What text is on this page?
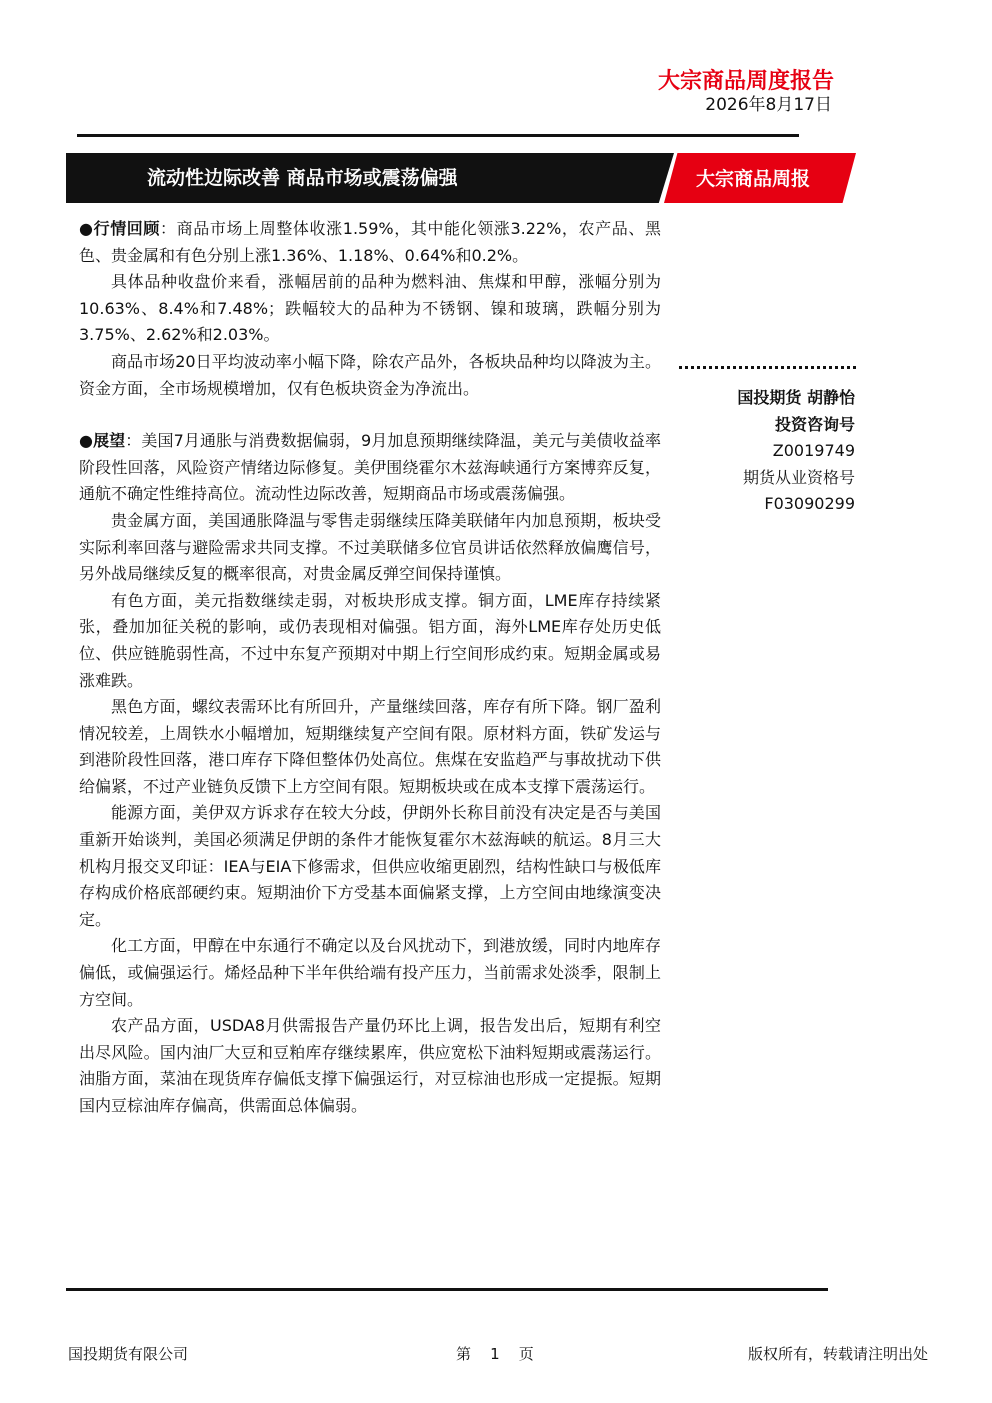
大宗商品周度报告
2026年8月17日
流动性边际改善 商品市场或震荡偏强	大宗商品周报

●行情回顾：商品市场上周整体收涨1.59%，其中能化领涨3.22%，农产品、黑色、贵金属和有色分别上涨1.36%、1.18%、0.64%和0.2%。

具体品种收盘价来看，涨幅居前的品种为燃料油、焦煤和甲醇，涨幅分别为10.63%、8.4%和7.48%；跌幅较大的品种为不锈钢、镍和玻璃，跌幅分别为3.75%、2.62%和2.03%。

商品市场20日平均波动率小幅下降，除农产品外，各板块品种均以降波为主。资金方面，全市场规模增加，仅有色板块资金为净流出。

●展望：美国7月通胀与消费数据偏弱，9月加息预期继续降温，美元与美债收益率阶段性回落，风险资产情绪边际修复。美伊围绕霍尔木兹海峡通行方案博弈反复，通航不确定性维持高位。流动性边际改善，短期商品市场或震荡偏强。

贵金属方面，美国通胀降温与零售走弱继续压降美联储年内加息预期，板块受实际利率回落与避险需求共同支撑。不过美联储多位官员讲话依然释放偏鹰信号，另外战局继续反复的概率很高，对贵金属反弹空间保持谨慎。

有色方面，美元指数继续走弱，对板块形成支撑。铜方面，LME库存持续紧张，叠加加征关税的影响，或仍表现相对偏强。铝方面，海外LME库存处历史低位、供应链脆弱性高，不过中东复产预期对中期上行空间形成约束。短期金属或易涨难跌。

黑色方面，螺纹表需环比有所回升，产量继续回落，库存有所下降。钢厂盈利情况较差，上周铁水小幅增加，短期继续复产空间有限。原材料方面，铁矿发运与到港阶段性回落，港口库存下降但整体仍处高位。焦煤在安监趋严与事故扰动下供给偏紧，不过产业链负反馈下上方空间有限。短期板块或在成本支撑下震荡运行。

能源方面，美伊双方诉求存在较大分歧，伊朗外长称目前没有决定是否与美国重新开始谈判，美国必须满足伊朗的条件才能恢复霍尔木兹海峡的航运。8月三大机构月报交叉印证：IEA与EIA下修需求，但供应收缩更剧烈，结构性缺口与极低库存构成价格底部硬约束。短期油价下方受基本面偏紧支撑，上方空间由地缘演变决定。

化工方面，甲醇在中东通行不确定以及台风扰动下，到港放缓，同时内地库存偏低，或偏强运行。烯烃品种下半年供给端有投产压力，当前需求处淡季，限制上方空间。

农产品方面，USDA8月供需报告产量仍环比上调，报告发出后，短期有利空出尽风险。国内油厂大豆和豆粕库存继续累库，供应宽松下油料短期或震荡运行。油脂方面，菜油在现货库存偏低支撑下偏强运行，对豆棕油也形成一定提振。短期国内豆棕油库存偏高，供需面总体偏弱。

国投期货 胡静怡
投资咨询号
Z0019749
期货从业资格号
F03090299
国投期货有限公司	第    1    页	版权所有，转载请注明出处
